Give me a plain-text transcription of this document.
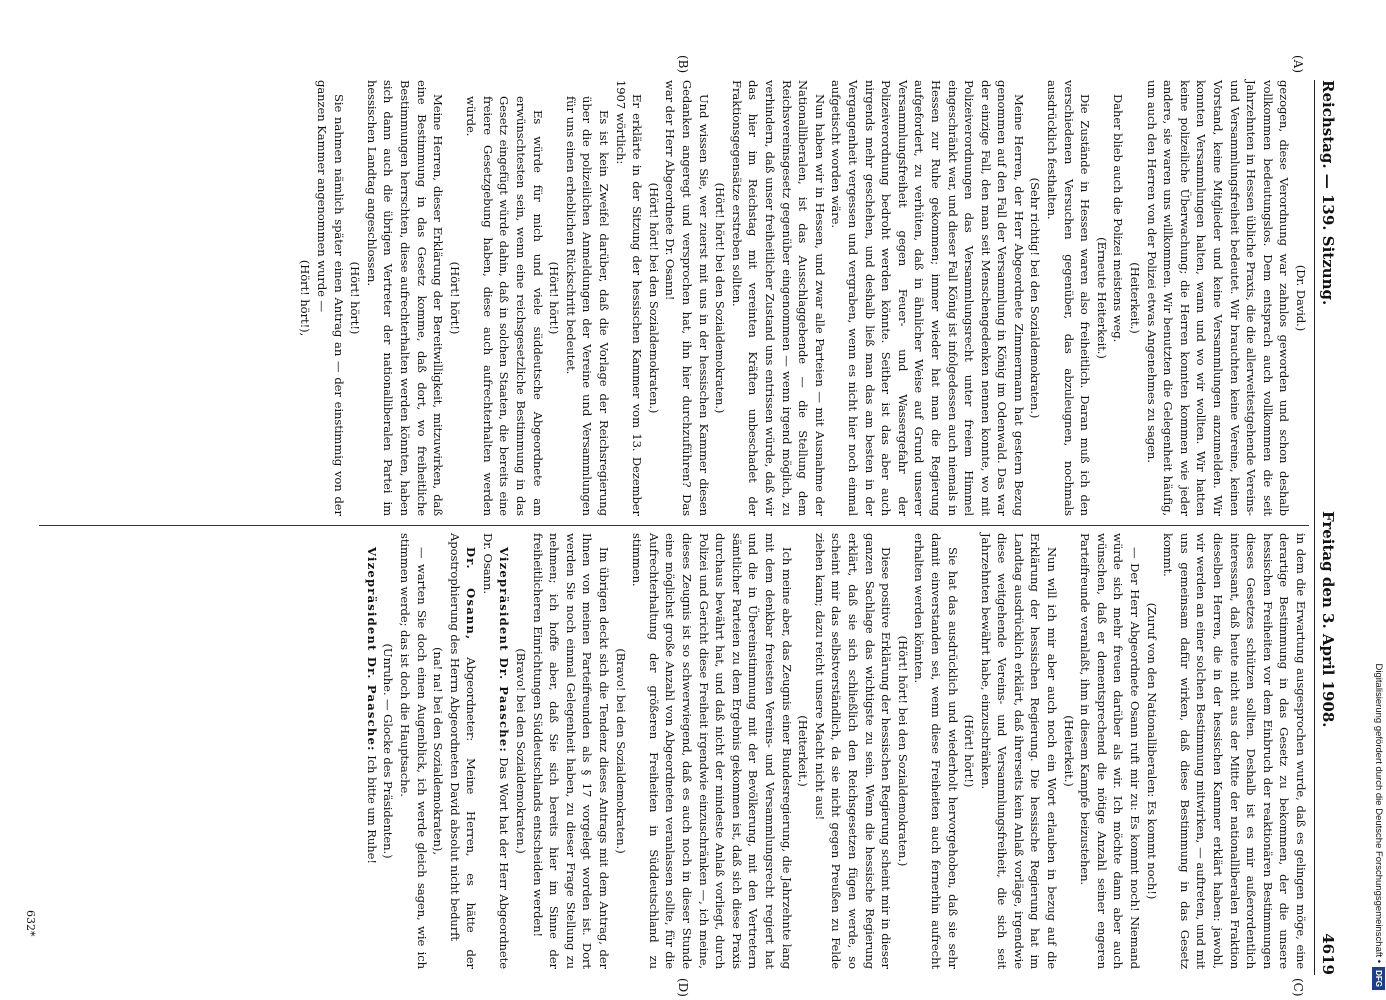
Reichstag. — 139. Sitzung.
Freitag den 3. April 1908.
4619
(A)
(B)
(C)
(D)

(Dr. David.)

gezogen, diese Verordnung war zahnlos geworden und schon deshalb vollkommen bedeutungslos. Dem entsprach auch vollkommen die seit Jahrzehnten in Hessen übliche Praxis, die die allerweitestgehende Vereins- und Versammlungsfreiheit bedeutet. Wir brauchten keine Vereine, keinen Vorstand, keine Mitglieder und keine Versammlungen anzumelden. Wir konnten Versammlungen halten, wann und wo wir wollten. Wir hatten keine polizeiliche Überwachung; die Herren konnten kommen wie jeder andere, sie waren uns willkommen. Wir benutzten die Gelegenheit häufig, um auch den Herren von der Polizei etwas Angenehmes zu sagen.

(Heiterkeit.)

Daher blieb auch die Polizei meistens weg.

(Erneute Heiterkeit.)

Die Zustände in Hessen waren also freiheitlich. Daran muß ich den verschiedenen Versuchen gegenüber, das abzuleugnen, nochmals ausdrücklich festhalten.

(Sehr richtig! bei den Sozialdemokraten.)

Meine Herren, der Herr Abgeordnete Zimmermann hat gestern Bezug genommen auf den Fall der Versammlung in König im Odenwald. Das war der einzige Fall, den man seit Menschengedenken nennen konnte, wo mit Polizeiverordnungen das Versammlungsrecht unter freiem Himmel eingeschränkt war, und dieser Fall König ist infolgedessen auch niemals in Hessen zur Ruhe gekommen; immer wieder hat man die Regierung aufgefordert, zu verhüten, daß in ähnlicher Weise auf Grund unserer Versammlungsfreiheit gegen Feuer- und Wassergefahr der Polizeiverordnung bedroht werden könnte. Seither ist das aber auch nirgends mehr geschehen, und deshalb ließ man das am besten in der Vergangenheit vergessen und vergraben, wenn es nicht hier noch einmal aufgetischt worden wäre.

Nun haben wir in Hessen, und zwar alle Parteien — mit Ausnahme der Nationalliberalen, ist das Ausschlaggebende — die Stellung dem Reichsvereinsgesetz gegenüber eingenommen — wenn irgend möglich, zu verhindern, daß unser freiheitlicher Zustand uns entrissen würde, daß wir das hier im Reichstag mit vereinten Kräften unbeschadet der Fraktionsgegensätze erstreben sollten.

(Hört! hört! bei den Sozialdemokraten.)

Und wissen Sie, wer zuerst mit uns in der hessischen Kammer diesen Gedanken angeregt und versprochen hat, ihn hier durchzuführen? Das war der Herr Abgeordnete Dr. Osann!

(Hört! hört! bei den Sozialdemokraten.)

Er erklärte in der Sitzung der hessischen Kammer vom 13. Dezember 1907 wörtlich:

Es ist kein Zweifel darüber, daß die Vorlage der Reichsregierung über die polizeilichen Anmeldungen der Vereine und Versammlungen für uns einen erheblichen Rückschritt bedeutet.

(Hört! hört!)

Es würde für mich und viele süddeutsche Abgeordnete am erwünschtesten sein, wenn eine reichsgesetzliche Bestimmung in das Gesetz eingefügt würde dahin, daß in solchen Staaten, die bereits eine freiere Gesetzgebung haben, diese auch aufrechterhalten werden würde.

(Hört! hört!)

Meine Herren, dieser Erklärung der Bereitwilligkeit, mitzuwirken, daß eine Bestimmung in das Gesetz komme, daß dort, wo freiheitliche Bestimmungen herrschten, diese aufrechterhalten werden könnten, haben sich dann auch die übrigen Vertreter der nationalliberalen Partei im hessischen Landtag angeschlossen.

(Hört! hört!)

Sie nahmen nämlich später einen Antrag an — der einstimmig von der ganzen Kammer angenommen wurde —

(Hört! hört!),

in dem die Erwartung ausgesprochen wurde, daß es gelingen möge, eine derartige Bestimmung in das Gesetz zu bekommen, der die unsere hessischen Freiheiten vor dem Einbruch der reaktionären Bestimmungen dieses Gesetzes schützen sollten. Deshalb ist es mir außerordentlich interessant, daß heute nicht aus der Mitte der nationalliberalen Fraktion dieselben Herren, die in der hessischen Kammer erklärt haben: jawohl, wir werden an einer solchen Bestimmung mitwirken, — auftreten, und mit uns gemeinsam dafür wirken, daß diese Bestimmung in das Gesetz kommt.

(Zuruf von den Nationalliberalen: Es kommt noch!)

— Der Herr Abgeordnete Osann ruft mir zu: Es kommt noch! Niemand würde sich mehr freuen darüber als wir. Ich möchte dann aber auch wünschen, daß er dementsprechend die nötige Anzahl seiner engeren Parteifreunde veranlaßt, ihm in diesem Kampfe beizustehen.

(Heiterkeit.)

Nun will ich mir aber auch noch ein Wort erlauben in bezug auf die Erklärung der hessischen Regierung. Die hessische Regierung hat im Landtag ausdrücklich erklärt, daß ihrerseits kein Anlaß vorläge, irgendwie diese weitgehende Vereins- und Versammlungsfreiheit, die sich seit Jahrzehnten bewährt habe, einzuschränken.

(Hört! hört!)

Sie hat das ausdrücklich und wiederholt hervorgehoben, daß sie sehr damit einverstanden sei, wenn diese Freiheiten auch fernerhin aufrecht erhalten werden könnten.

(Hört! hört! bei den Sozialdemokraten.)

Diese positive Erklärung der hessischen Regierung scheint mir in dieser ganzen Sachlage das wichtigste zu sein. Wenn die hessische Regierung erklärt, daß sie sich schließlich den Reichsgesetzen fügen werde, so scheint mir das selbstverständlich, da sie nicht gegen Preußen zu Felde ziehen kann; dazu reicht unsere Macht nicht aus!

(Heiterkeit.)

Ich meine aber, das Zeugnis einer Bundesregierung, die Jahrzehnte lang mit dem denkbar freiesten Vereins- und Versammlungsrecht regiert hat und die in Übereinstimmung mit der Bevölkerung, mit den Vertretern sämtlicher Parteien zu dem Ergebnis gekommen ist, daß sich diese Praxis durchaus bewährt hat, und daß nicht der mindeste Anlaß vorliegt, durch Polizei und Gericht diese Freiheit irgendwie einzuschränken —, ich meine, dieses Zeugnis ist so schwerwiegend, daß es auch noch in dieser Stunde eine möglichst große Anzahl von Abgeordneten veranlassen sollte, für die Aufrechterhaltung der größeren Freiheiten in Süddeutschland zu stimmen.

(Bravo! bei den Sozialdemokraten.)

Im übrigen deckt sich die Tendenz dieses Antrags mit dem Antrag, der Ihnen von meinen Parteifreunden als § 17 vorgelegt worden ist. Dort werden Sie noch einmal Gelegenheit haben, zu dieser Frage Stellung zu nehmen; ich hoffe aber, daß Sie sich bereits hier im Sinne der freiheitlicheren Einrichtungen Süddeutschlands entscheiden werden!

(Bravo! bei den Sozialdemokraten.)

Vizepräsident Dr. Paasche: Das Wort hat der Herr Abgeordnete Dr. Osann.

Dr. Osann, Abgeordneter: Meine Herren, es hätte der Apostrophierung des Herrn Abgeordneten David absolut nicht bedurft

(na! na! bei den Sozialdemokraten),

— warten Sie doch einen Augenblick, ich werde gleich sagen, wie ich stimmen werde; das ist doch die Hauptsache.

(Unruhe. — Glocke des Präsidenten.)

Vizepräsident Dr. Paasche: Ich bitte um Ruhe!

632*	Digitalisierung gefördert durch die Deutsche Forschungsgemeinschaft •
DFG
